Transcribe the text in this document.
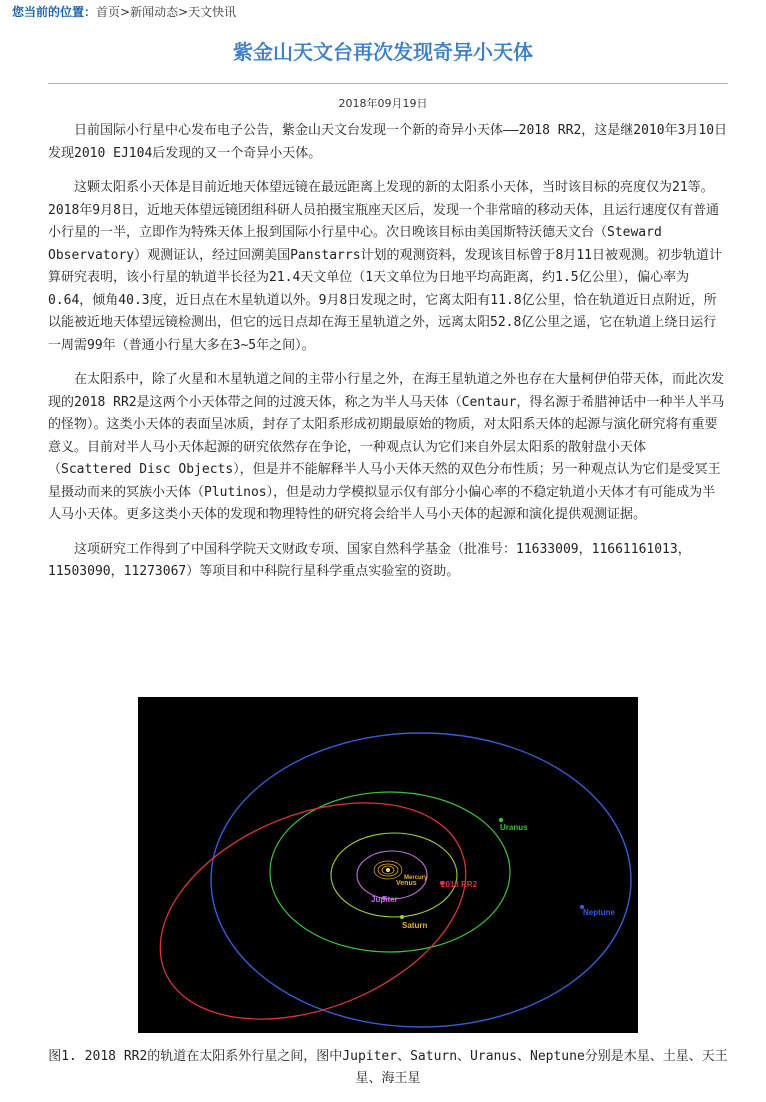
您当前的位置：首页>新闻动态>天文快讯
紫金山天文台再次发现奇异小天体
2018年09月19日

日前国际小行星中心发布电子公告，紫金山天文台发现一个新的奇异小天体——2018 RR2，这是继2010年3月10日发现2010 EJ104后发现的又一个奇异小天体。

这颗太阳系小天体是目前近地天体望远镜在最远距离上发现的新的太阳系小天体，当时该目标的亮度仅为21等。2018年9月8日，近地天体望远镜团组科研人员拍摄宝瓶座天区后，发现一个非常暗的移动天体，且运行速度仅有普通小行星的一半，立即作为特殊天体上报到国际小行星中心。次日晚该目标由美国斯特沃德天文台（Steward Observatory）观测证认，经过回溯美国Panstarrs计划的观测资料，发现该目标曾于8月11日被观测。初步轨道计算研究表明，该小行星的轨道半长径为21.4天文单位（1天文单位为日地平均高距离，约1.5亿公里），偏心率为0.64，倾角40.3度，近日点在木星轨道以外。9月8日发现之时，它离太阳有11.8亿公里，恰在轨道近日点附近，所以能被近地天体望远镜检测出，但它的远日点却在海王星轨道之外，远离太阳52.8亿公里之遥，它在轨道上绕日运行一周需99年（普通小行星大多在3~5年之间）。

在太阳系中，除了火星和木星轨道之间的主带小行星之外，在海王星轨道之外也存在大量柯伊伯带天体，而此次发现的2018 RR2是这两个小天体带之间的过渡天体，称之为半人马天体（Centaur，得名源于希腊神话中一种半人半马的怪物）。这类小天体的表面呈冰质，封存了太阳系形成初期最原始的物质，对太阳系天体的起源与演化研究将有重要意义。目前对半人马小天体起源的研究依然存在争论，一种观点认为它们来自外层太阳系的散射盘小天体（Scattered Disc Objects），但是并不能解释半人马小天体天然的双色分布性质；另一种观点认为它们是受冥王星摄动而来的冥族小天体（Plutinos），但是动力学模拟显示仅有部分小偏心率的不稳定轨道小天体才有可能成为半人马小天体。更多这类小天体的发现和物理特性的研究将会给半人马小天体的起源和演化提供观测证据。

这项研究工作得到了中国科学院天文财政专项、国家自然科学基金（批准号：11633009，11661161013，11503090，11273067）等项目和中科院行星科学重点实验室的资助。

Uranus
Neptune
2018 RR2
Jupiter
Saturn
Mercury
Venus
图1. 2018 RR2的轨道在太阳系外行星之间，图中Jupiter、Saturn、Uranus、Neptune分别是木星、土星、天王星、海王星
